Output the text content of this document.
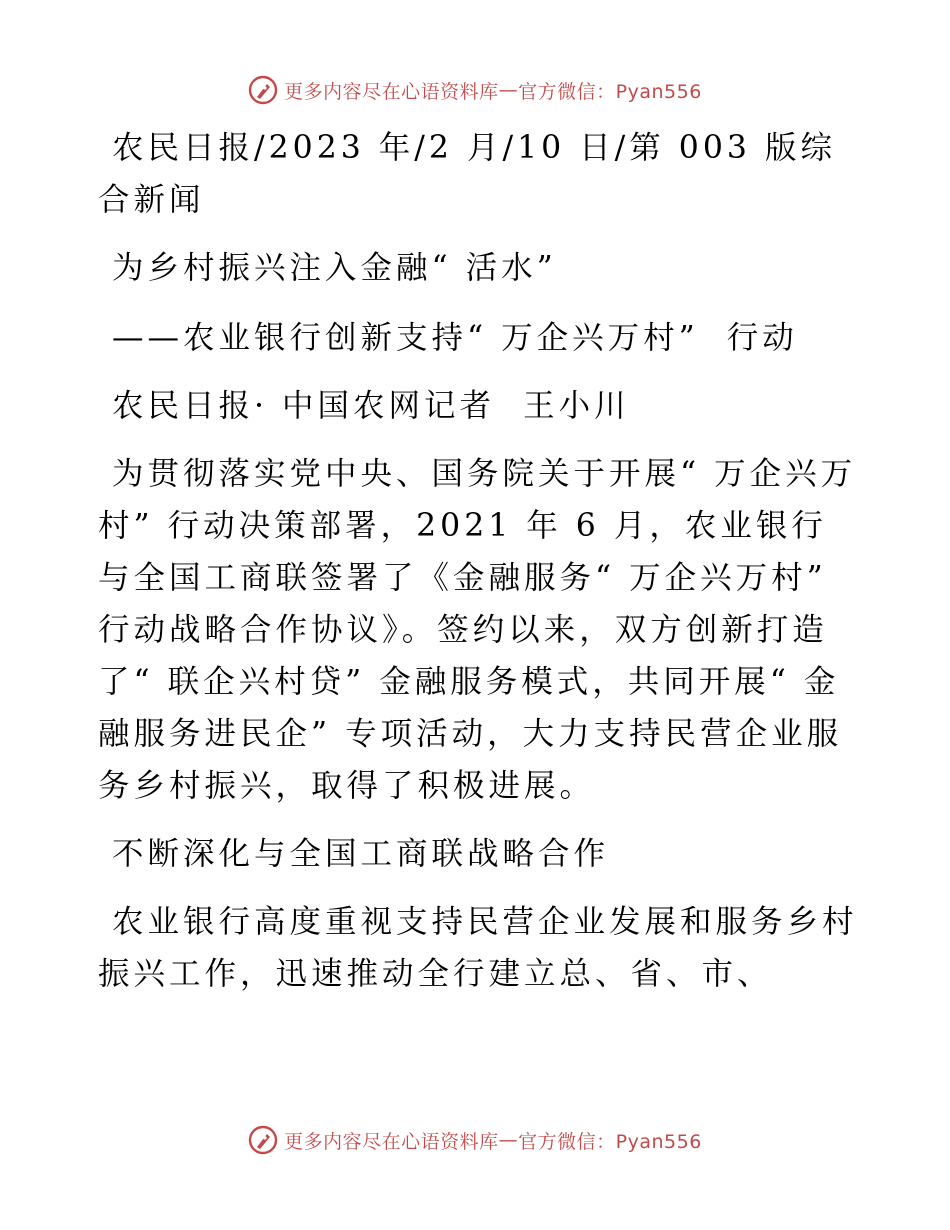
更多内容尽在心语资料库 — 官方微信：Pyan556

农民日报/2023 年/2 月/10 日/第 003 版综合新闻

为乡村振兴注入金融“ 活水”

——农业银行创新支持“ 万企兴万村”  行动

农民日报· 中国农网记者  王小川

为贯彻落实党中央、国务院关于开展“ 万企兴万村” 行动决策部署，2021 年 6 月，农业银行与全国工商联签署了《金融服务“ 万企兴万村” 行动战略合作协议》。签约以来，双方创新打造了“ 联企兴村贷” 金融服务模式，共同开展“ 金融服务进民企” 专项活动，大力支持民营企业服务乡村振兴，取得了积极进展。

不断深化与全国工商联战略合作

农业银行高度重视支持民营企业发展和服务乡村振兴工作，迅速推动全行建立总、省、市、

更多内容尽在心语资料库 — 官方微信：Pyan556
